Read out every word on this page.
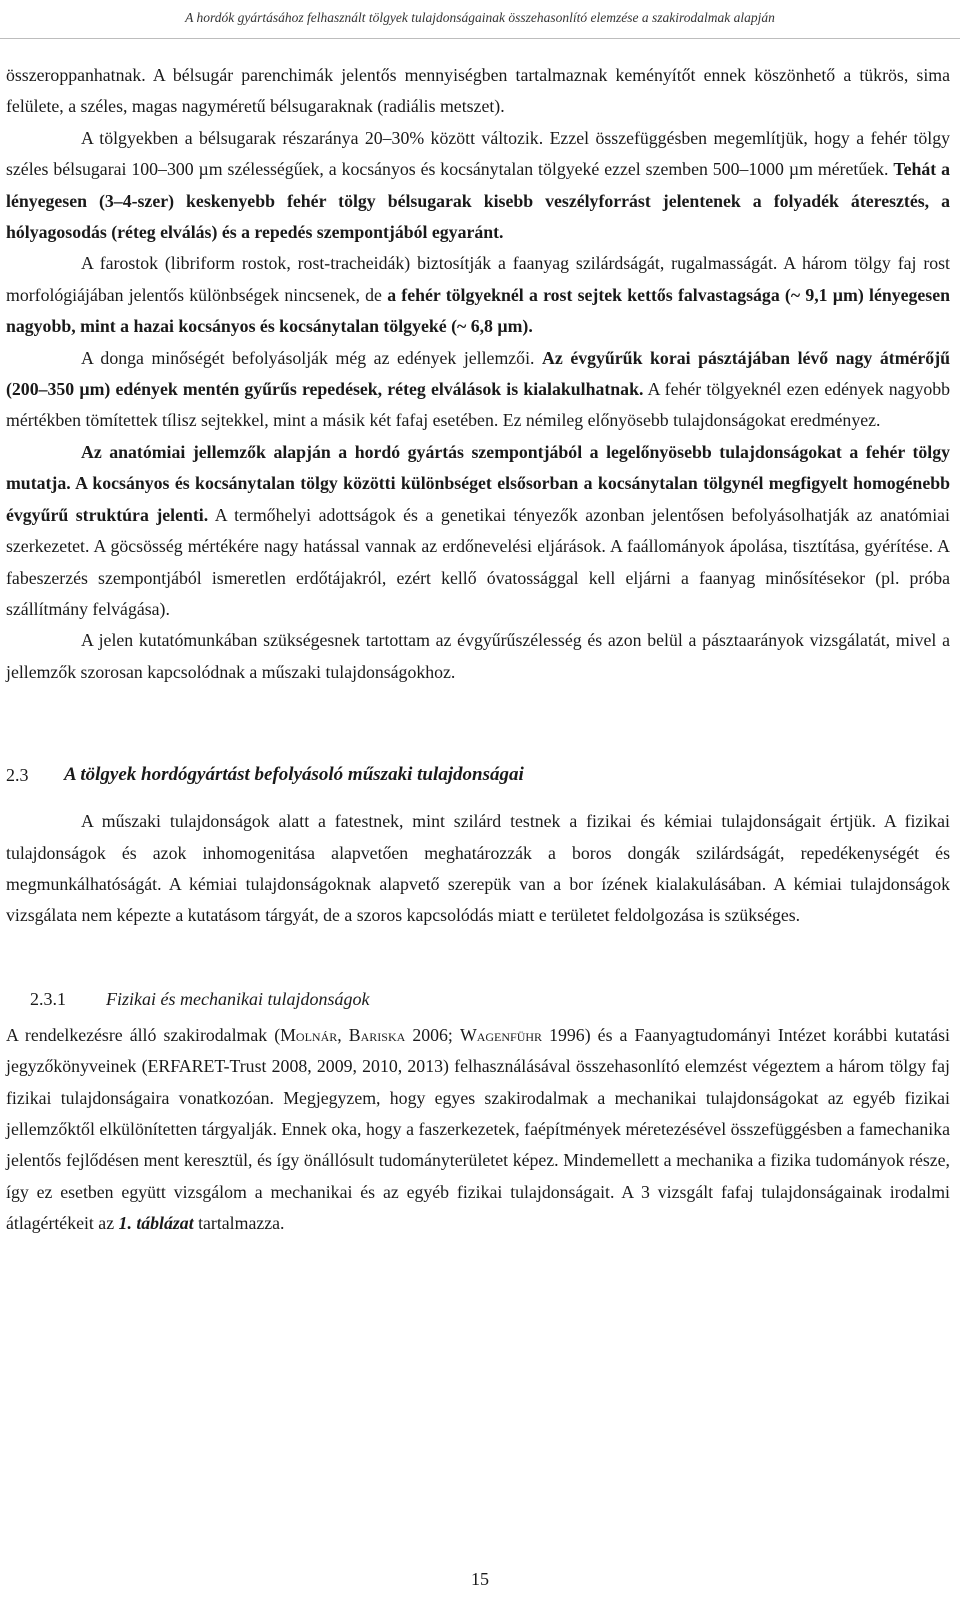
A hordók gyártásához felhasznált tölgyek tulajdonságainak összehasonlító elemzése a szakirodalmak alapján

összeroppanhatnak. A bélsugár parenchimák jelentős mennyiségben tartalmaznak keményítőt ennek köszönhető a tükrös, sima felülete, a széles, magas nagyméretű bélsugaraknak (radiális metszet).

A tölgyekben a bélsugarak részaránya 20–30% között változik. Ezzel összefüggésben megemlítjük, hogy a fehér tölgy széles bélsugarai 100–300 µm szélességűek, a kocsányos és kocsánytalan tölgyeké ezzel szemben 500–1000 µm méretűek. Tehát a lényegesen (3–4-szer) keskenyebb fehér tölgy bélsugarak kisebb veszélyforrást jelentenek a folyadék áteresztés, a hólyagosodás (réteg elválás) és a repedés szempontjából egyaránt.

A farostok (libriform rostok, rost-tracheidák) biztosítják a faanyag szilárdságát, rugalmasságát. A három tölgy faj rost morfológiájában jelentős különbségek nincsenek, de a fehér tölgyeknél a rost sejtek kettős falvastagsága (~ 9,1 µm) lényegesen nagyobb, mint a hazai kocsányos és kocsánytalan tölgyeké (~ 6,8 µm).

A donga minőségét befolyásolják még az edények jellemzői. Az évgyűrűk korai pásztájában lévő nagy átmérőjű (200–350 µm) edények mentén gyűrűs repedések, réteg elválások is kialakulhatnak. A fehér tölgyeknél ezen edények nagyobb mértékben tömítettek tílisz sejtekkel, mint a másik két fafaj esetében. Ez némileg előnyösebb tulajdonságokat eredményez.

Az anatómiai jellemzők alapján a hordó gyártás szempontjából a legelőnyösebb tulajdonságokat a fehér tölgy mutatja. A kocsányos és kocsánytalan tölgy közötti különbséget elsősorban a kocsánytalan tölgynél megfigyelt homogénebb évgyűrű struktúra jelenti. A termőhelyi adottságok és a genetikai tényezők azonban jelentősen befolyásolhatják az anatómiai szerkezetet. A göcsösség mértékére nagy hatással vannak az erdőnevelési eljárások. A faállományok ápolása, tisztítása, gyérítése. A fabeszerzés szempontjából ismeretlen erdőtájakról, ezért kellő óvatossággal kell eljárni a faanyag minősítésekor (pl. próba szállítmány felvágása).

A jelen kutatómunkában szükségesnek tartottam az évgyűrűszélesség és azon belül a pásztaarányok vizsgálatát, mivel a jellemzők szorosan kapcsolódnak a műszaki tulajdonságokhoz.

2.3 A tölgyek hordógyártást befolyásoló műszaki tulajdonságai

A műszaki tulajdonságok alatt a fatestnek, mint szilárd testnek a fizikai és kémiai tulajdonságait értjük. A fizikai tulajdonságok és azok inhomogenitása alapvetően meghatározzák a boros dongák szilárdságát, repedékenységét és megmunkálhatóságát. A kémiai tulajdonságoknak alapvető szerepük van a bor ízének kialakulásában. A kémiai tulajdonságok vizsgálata nem képezte a kutatásom tárgyát, de a szoros kapcsolódás miatt e területet feldolgozása is szükséges.

2.3.1 Fizikai és mechanikai tulajdonságok

A rendelkezésre álló szakirodalmak (Molnár, Bariska 2006; Wagenführ 1996) és a Faanyagtudományi Intézet korábbi kutatási jegyzőkönyveinek (ERFARET-Trust 2008, 2009, 2010, 2013) felhasználásával összehasonlító elemzést végeztem a három tölgy faj fizikai tulajdonságaira vonatkozóan. Megjegyzem, hogy egyes szakirodalmak a mechanikai tulajdonságokat az egyéb fizikai jellemzőktől elkülönítetten tárgyalják. Ennek oka, hogy a faszerkezetek, faépítmények méretezésével összefüggésben a famechanika jelentős fejlődésen ment keresztül, és így önállósult tudományterületet képez. Mindemellett a mechanika a fizika tudományok része, így ez esetben együtt vizsgálom a mechanikai és az egyéb fizikai tulajdonságait. A 3 vizsgált fafaj tulajdonságainak irodalmi átlagértékeit az 1. táblázat tartalmazza.

15
